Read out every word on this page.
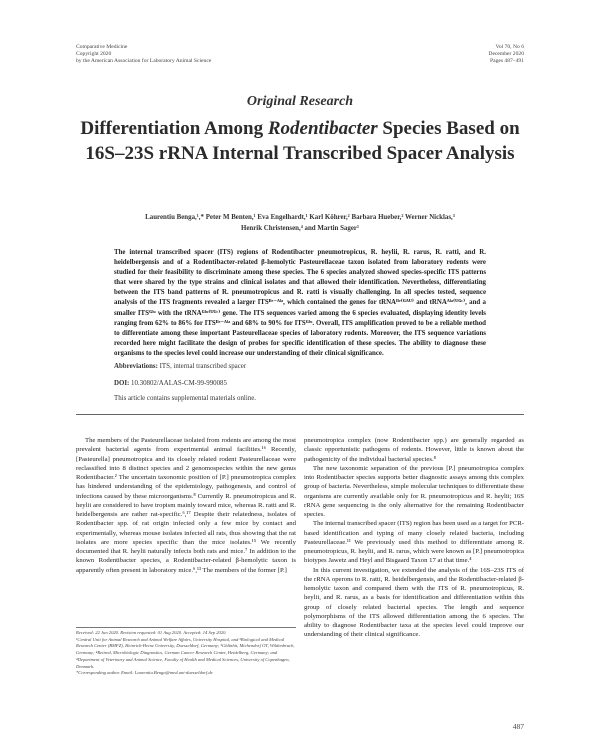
Comparative Medicine
Copyright 2020
by the American Association for Laboratory Animal Science
Vol 70, No 6
December 2020
Pages 487–491
Original Research
Differentiation Among Rodentibacter Species Based on 16S–23S rRNA Internal Transcribed Spacer Analysis
Laurentiu Benga,¹,* Peter M Benten,¹ Eva Engelhardt,¹ Karl Köhrer,² Barbara Hueber,² Werner Nicklas,³
Henrik Christensen,⁴ and Martin Sager¹
The internal transcribed spacer (ITS) regions of Rodentibacter pneumotropicus, R. heylii, R. rarus, R. ratti, and R. heidelbergensis and of a Rodentibacter-related β-hemolytic Pasteurellaceae taxon isolated from laboratory rodents were studied for their feasibility to discriminate among these species. The 6 species analyzed showed species-specific ITS patterns that were shared by the type strains and clinical isolates and that allowed their identification. Nevertheless, differentiating between the ITS band patterns of R. pneumotropicus and R. ratti is visually challenging. In all species tested, sequence analysis of the ITS fragments revealed a larger ITSᴵˡᵉ⁻ᴬˡᵃ, which contained the genes for tRNAᴵˡᵉ⁽ᴳᴬᵁ⁾ and tRNAᴬˡᵃ⁽ᵁᴳᶜ⁾, and a smaller ITSᴳˡᵘ with the tRNAᴳˡᵘ⁽ᵁᵁᶜ⁾ gene. The ITS sequences varied among the 6 species evaluated, displaying identity levels ranging from 62% to 86% for ITSᴵˡᵉ⁻ᴬˡᵃ and 68% to 90% for ITSᴳˡᵘ. Overall, ITS amplification proved to be a reliable method to differentiate among these important Pasteurellaceae species of laboratory rodents. Moreover, the ITS sequence variations recorded here might facilitate the design of probes for specific identification of these species. The ability to diagnose these organisms to the species level could increase our understanding of their clinical significance.
Abbreviations: ITS, internal transcribed spacer
DOI: 10.30802/AALAS-CM-99-990085
This article contains supplemental materials online.

The members of the Pasteurellaceae isolated from rodents are among the most prevalent bacterial agents from experimental animal facilities.¹⁶ Recently, [Pasteurella] pneumotropica and its closely related rodent Pasteurellaceae were reclassified into 8 distinct species and 2 genomospecies within the new genus Rodentibacter.² The uncertain taxonomic position of [P.] pneumotropica complex has hindered understanding of the epidemiology, pathogenesis, and control of infections caused by these microorganisms.⁸ Currently R. pneumotropicus and R. heylii are considered to have tropism mainly toward mice, whereas R. ratti and R. heidelbergensis are rather rat-specific.⁶,¹⁷ Despite their relatedness, isolates of Rodentibacter spp. of rat origin infected only a few mice by contact and experimentally, whereas mouse isolates infected all rats, thus showing that the rat isolates are more species specific than the mice isolates.¹⁵ We recently documented that R. heylii naturally infects both rats and mice.⁷ In addition to the known Rodentibacter species, a Rodentibacter-related β-hemolytic taxon is apparently often present in laboratory mice.⁶,¹³ The members of the former [P.]

pneumotropica complex (now Rodentibacter spp.) are generally regarded as classic opportunistic pathogens of rodents. However, little is known about the pathogenicity of the individual bacterial species.⁸

The new taxonomic separation of the previous [P.] pneumotropica complex into Rodentibacter species supports better diagnostic assays among this complex group of bacteria. Nevertheless, simple molecular techniques to differentiate these organisms are currently available only for R. pneumotropicus and R. heylii; 16S rRNA gene sequencing is the only alternative for the remaining Rodentibacter species.

The internal transcribed spacer (ITS) region has been used as a target for PCR-based identification and typing of many closely related bacteria, including Pasteurellaceae.¹¹ We previously used this method to differentiate among R. pneumotropicus, R. heylii, and R. rarus, which were known as [P.] pneumotropica biotypes Jawetz and Heyl and Bisgaard Taxon 17 at that time.⁴

In this current investigation, we extended the analysis of the 16S–23S ITS of the rRNA operons to R. ratti, R. heidelbergensis, and the Rodentibacter-related β-hemolytic taxon and compared them with the ITS of R. pneumotropicus, R. heylii, and R. rarus, as a basis for identification and differentiation within this group of closely related bacterial species. The length and sequence polymorphisms of the ITS allowed differentiation among the 6 species. The ability to diagnose Rodentibacter taxa at the species level could improve our understanding of their clinical significance.

Received: 22 Jun 2020. Revision requested: 01 Aug 2020. Accepted: 14 Sep 2020.
¹Central Unit for Animal Research and Animal Welfare Affairs, University Hospital, and ²Biological and Medical Research Center (BMFZ), Heinrich-Heine University, Duesseldorf, Germany; ³Ghlinhit, Michendorf OT, Wildenbruch, Germany; ⁴Retired, Microbiologic Diagnostics, German Cancer Research Center, Heidelberg, Germany; and ⁴Department of Veterinary and Animal Science, Faculty of Health and Medical Sciences, University of Copenhagen, Denmark.
*Corresponding author. Email: Laurentiu.Benga@med.uni-duesseldorf.de
487
